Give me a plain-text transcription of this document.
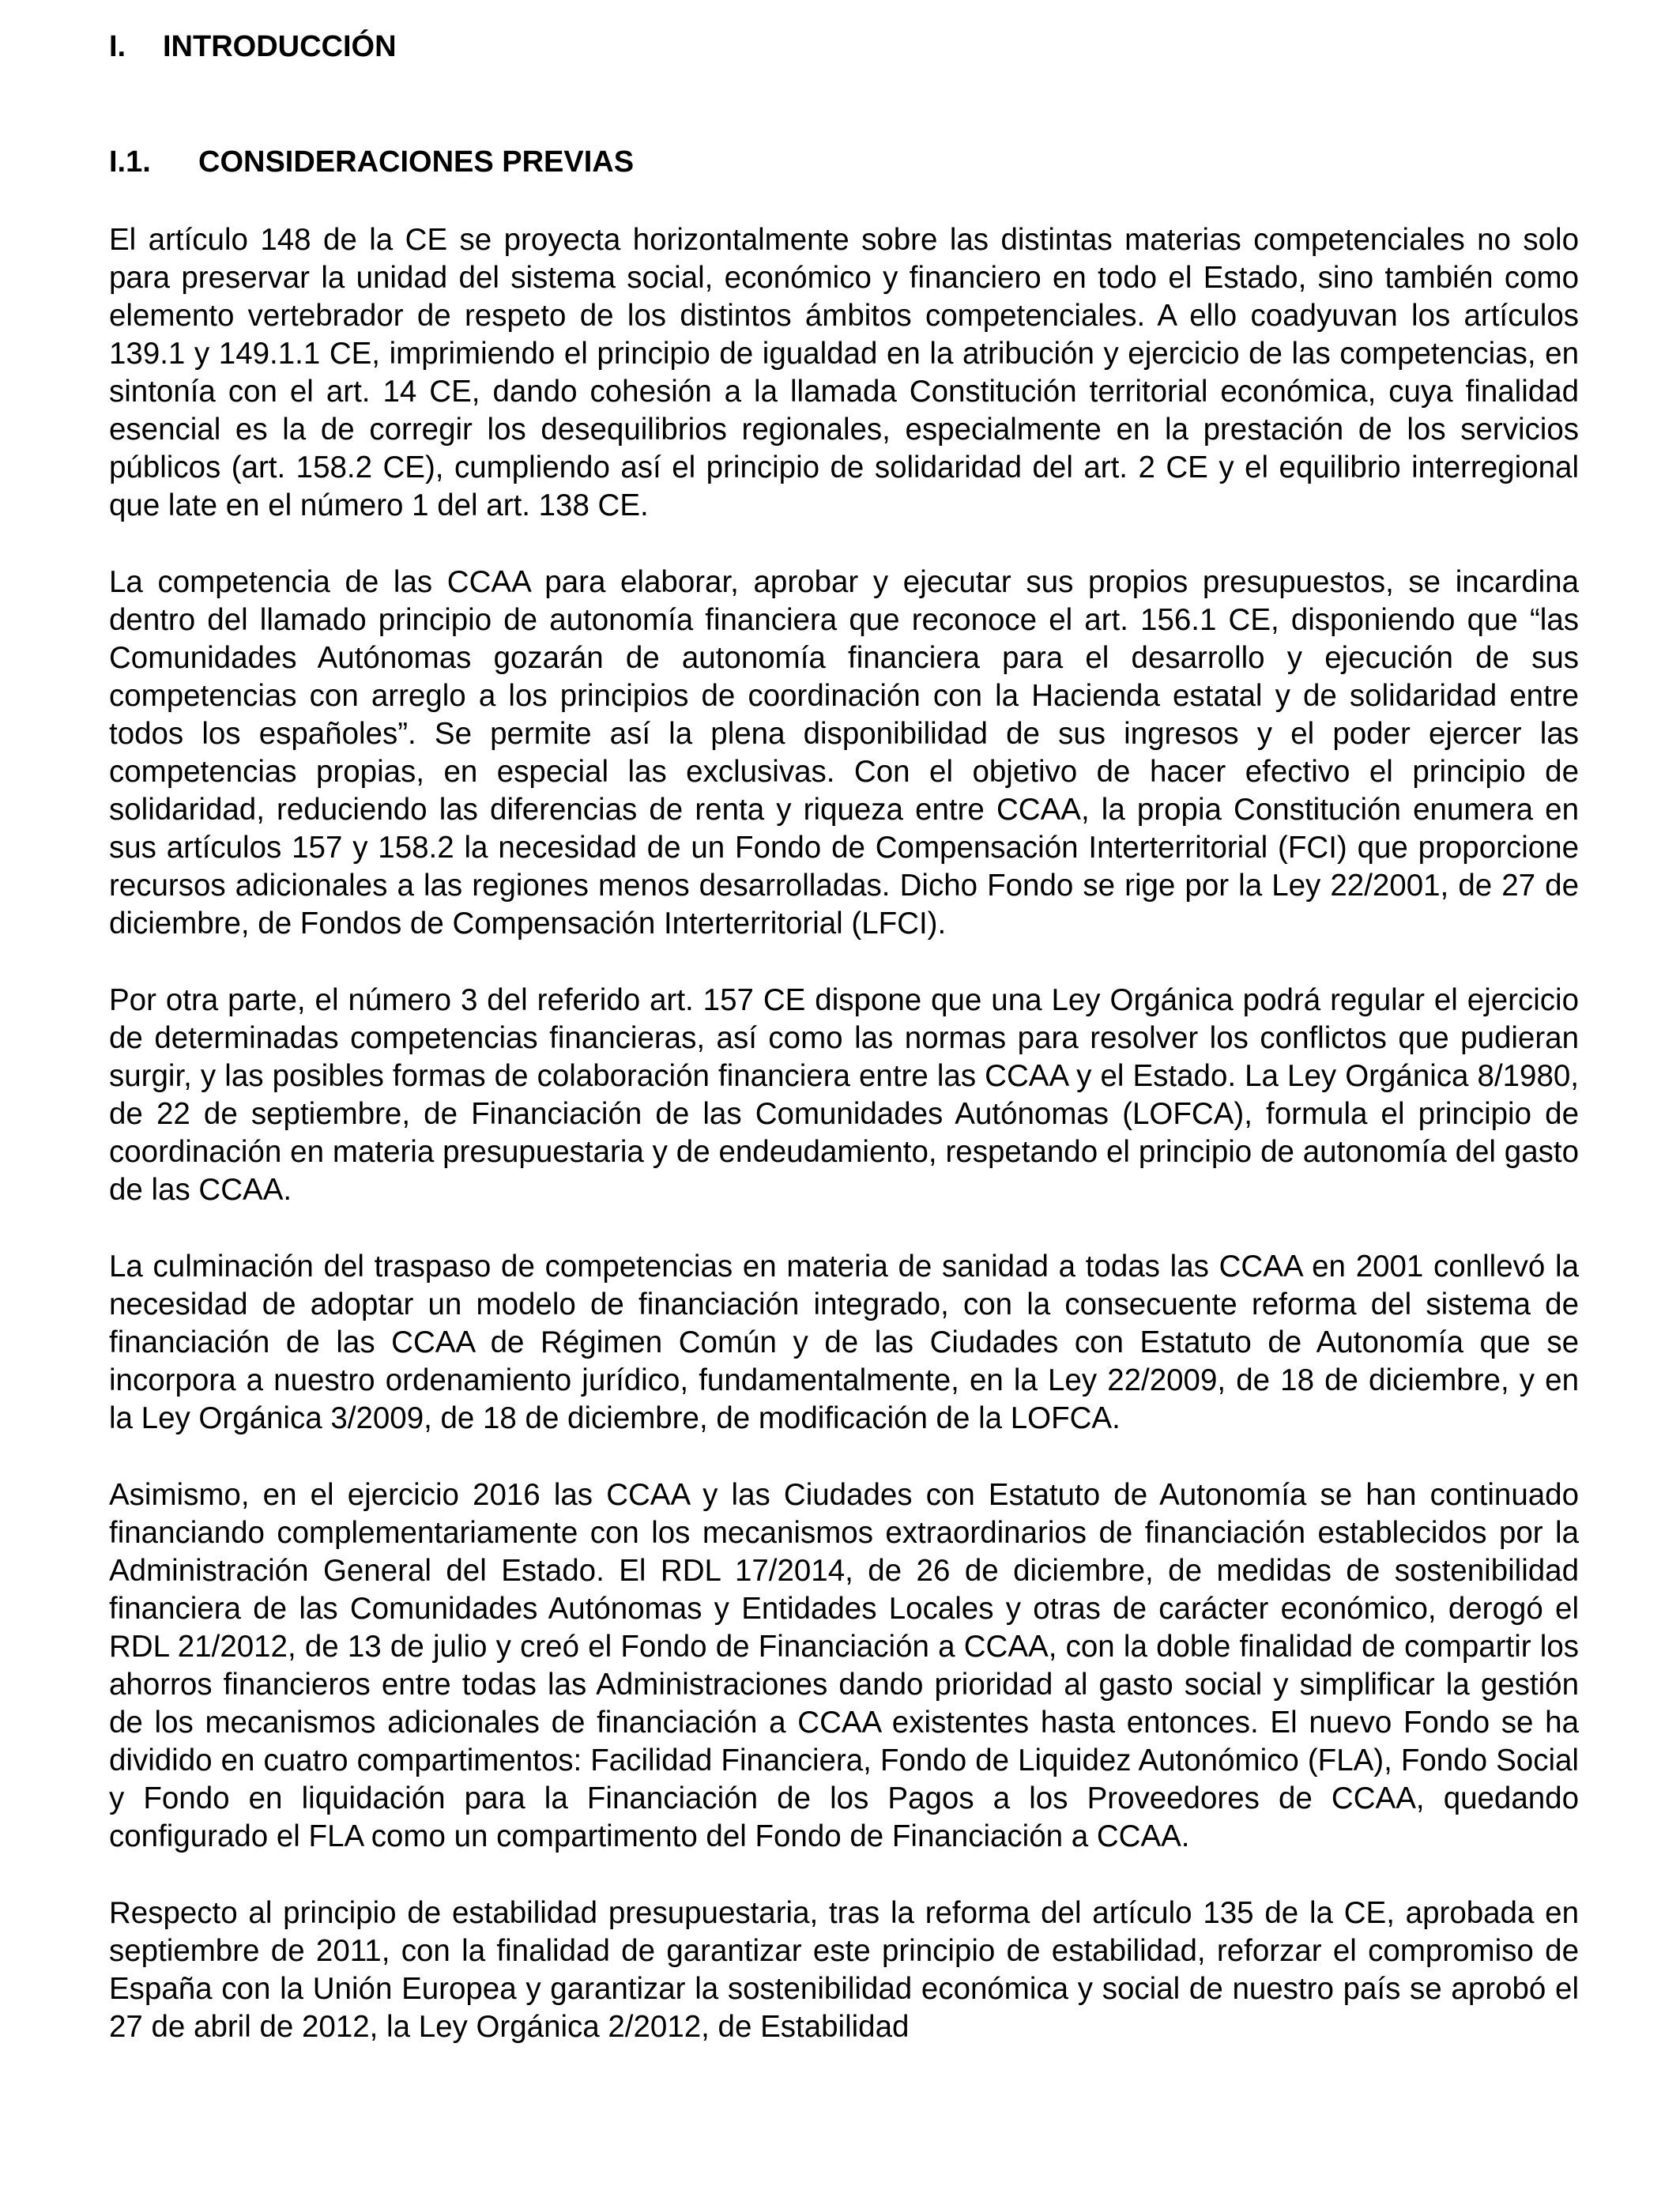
I.	INTRODUCCIÓN
I.1.	CONSIDERACIONES PREVIAS

El artículo 148 de la CE se proyecta horizontalmente sobre las distintas materias competenciales no solo para preservar la unidad del sistema social, económico y financiero en todo el Estado, sino también como elemento vertebrador de respeto de los distintos ámbitos competenciales. A ello coadyuvan los artículos 139.1 y 149.1.1 CE, imprimiendo el principio de igualdad en la atribución y ejercicio de las competencias, en sintonía con el art. 14 CE, dando cohesión a la llamada Constitución territorial económica, cuya finalidad esencial es la de corregir los desequilibrios regionales, especialmente en la prestación de los servicios públicos (art. 158.2 CE), cumpliendo así el principio de solidaridad del art. 2 CE y el equilibrio interregional que late en el número 1 del art. 138 CE.

La competencia de las CCAA para elaborar, aprobar y ejecutar sus propios presupuestos, se incardina dentro del llamado principio de autonomía financiera que reconoce el art. 156.1 CE, disponiendo que “las Comunidades Autónomas gozarán de autonomía financiera para el desarrollo y ejecución de sus competencias con arreglo a los principios de coordinación con la Hacienda estatal y de solidaridad entre todos los españoles”. Se permite así la plena disponibilidad de sus ingresos y el poder ejercer las competencias propias, en especial las exclusivas. Con el objetivo de hacer efectivo el principio de solidaridad, reduciendo las diferencias de renta y riqueza entre CCAA, la propia Constitución enumera en sus artículos 157 y 158.2 la necesidad de un Fondo de Compensación Interterritorial (FCI) que proporcione recursos adicionales a las regiones menos desarrolladas. Dicho Fondo se rige por la Ley 22/2001, de 27 de diciembre, de Fondos de Compensación Interterritorial (LFCI).

Por otra parte, el número 3 del referido art. 157 CE dispone que una Ley Orgánica podrá regular el ejercicio de determinadas competencias financieras, así como las normas para resolver los conflictos que pudieran surgir, y las posibles formas de colaboración financiera entre las CCAA y el Estado. La Ley Orgánica 8/1980, de 22 de septiembre, de Financiación de las Comunidades Autónomas (LOFCA), formula el principio de coordinación en materia presupuestaria y de endeudamiento, respetando el principio de autonomía del gasto de las CCAA.

La culminación del traspaso de competencias en materia de sanidad a todas las CCAA en 2001 conllevó la necesidad de adoptar un modelo de financiación integrado, con la consecuente reforma del sistema de financiación de las CCAA de Régimen Común y de las Ciudades con Estatuto de Autonomía que se incorpora a nuestro ordenamiento jurídico, fundamentalmente, en la Ley 22/2009, de 18 de diciembre, y en la Ley Orgánica 3/2009, de 18 de diciembre, de modificación de la LOFCA.

Asimismo, en el ejercicio 2016 las CCAA y las Ciudades con Estatuto de Autonomía se han continuado financiando complementariamente con los mecanismos extraordinarios de financiación establecidos por la Administración General del Estado. El RDL 17/2014, de 26 de diciembre, de medidas de sostenibilidad financiera de las Comunidades Autónomas y Entidades Locales y otras de carácter económico, derogó el RDL 21/2012, de 13 de julio y creó el Fondo de Financiación a CCAA, con la doble finalidad de compartir los ahorros financieros entre todas las Administraciones dando prioridad al gasto social y simplificar la gestión de los mecanismos adicionales de financiación a CCAA existentes hasta entonces. El nuevo Fondo se ha dividido en cuatro compartimentos: Facilidad Financiera, Fondo de Liquidez Autonómico (FLA), Fondo Social y Fondo en liquidación para la Financiación de los Pagos a los Proveedores de CCAA, quedando configurado el FLA como un compartimento del Fondo de Financiación a CCAA.

Respecto al principio de estabilidad presupuestaria, tras la reforma del artículo 135 de la CE, aprobada en septiembre de 2011, con la finalidad de garantizar este principio de estabilidad, reforzar el compromiso de España con la Unión Europea y garantizar la sostenibilidad económica y social de nuestro país se aprobó el 27 de abril de 2012, la Ley Orgánica 2/2012, de Estabilidad
